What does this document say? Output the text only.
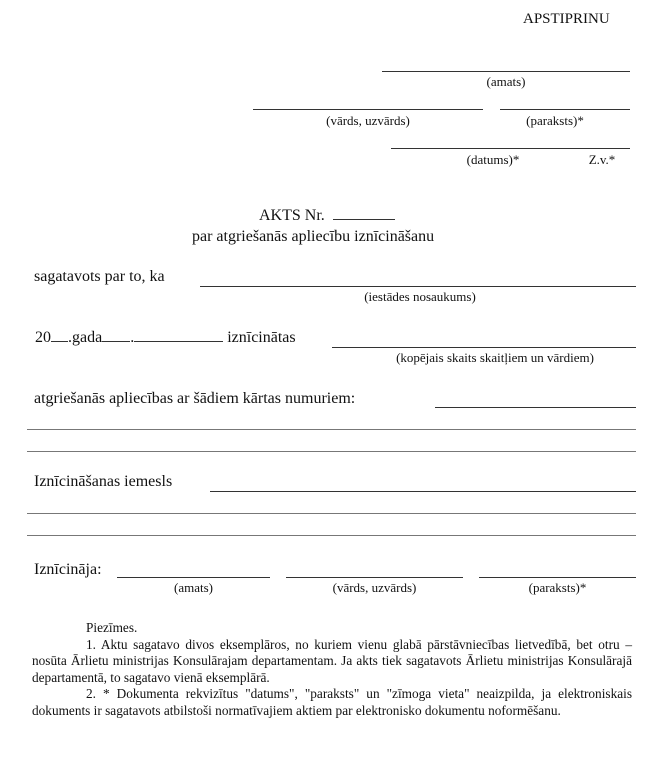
APSTIPRINU
(amats)
(vārds, uzvārds)	(paraksts)*
(datums)*	Z.v.*
AKTS Nr.
par atgriešanās apliecību iznīcināšanu
sagatavots par to, ka
(iestādes nosaukums)
20 .gada .	iznīcinātas
(kopējais skaits skaitļiem un vārdiem)
atgriešanās apliecības ar šādiem kārtas numuriem:
Iznīcināšanas iemesls
Iznīcināja:
(amats)	(vārds, uzvārds)	(paraksts)*

Piezīmes.

1. Aktu sagatavo divos eksemplāros, no kuriem vienu glabā pārstāvniecības lietvedībā, bet otru – nosūta Ārlietu ministrijas Konsulārajam departamentam. Ja akts tiek sagatavots Ārlietu ministrijas Konsulārajā departamentā, to sagatavo vienā eksemplārā.

2. * Dokumenta rekvizītus "datums", "paraksts" un "zīmoga vieta" neaizpilda, ja elektroniskais dokuments ir sagatavots atbilstoši normatīvajiem aktiem par elektronisko dokumentu noformēšanu.
